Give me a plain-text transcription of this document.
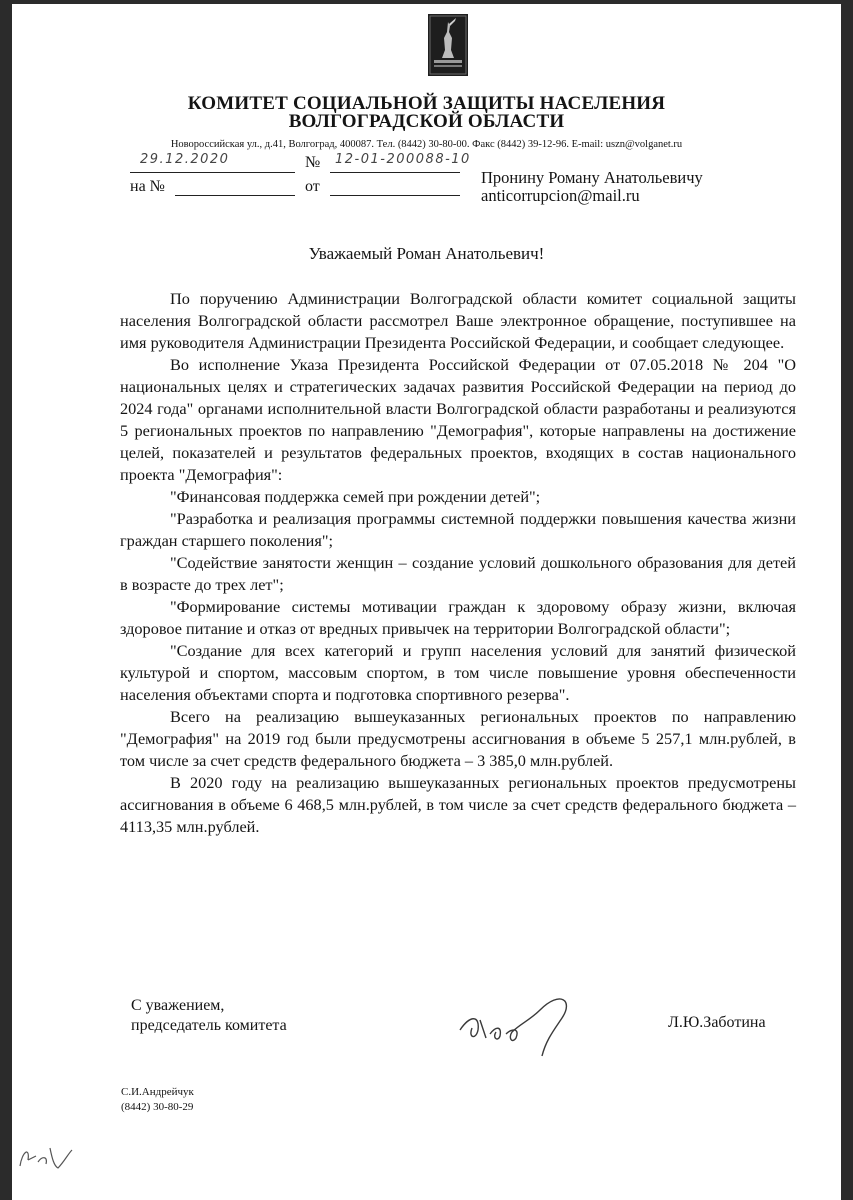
КОМИТЕТ СОЦИАЛЬНОЙ ЗАЩИТЫ НАСЕЛЕНИЯ
ВОЛГОГРАДСКОЙ ОБЛАСТИ
Новороссийская ул., д.41, Волгоград, 400087. Тел. (8442) 30-80-00. Факс (8442) 39-12-96. E-mail: uszn@volganet.ru
29.12.2020	№ 12-01-200088-10
на №	от	Пронину Роману Анатольевичу
anticorrupcion@mail.ru
Уважаемый Роман Анатольевич!

По поручению Администрации Волгоградской области комитет социальной защиты населения Волгоградской области рассмотрел Ваше электронное обращение, поступившее на имя руководителя Администрации Президента Российской Федерации, и сообщает следующее.

Во исполнение Указа Президента Российской Федерации от 07.05.2018 № 204 "О национальных целях и стратегических задачах развития Российской Федерации на период до 2024 года" органами исполнительной власти Волгоградской области разработаны и реализуются 5 региональных проектов по направлению "Демография", которые направлены на достижение целей, показателей и результатов федеральных проектов, входящих в состав национального проекта "Демография":

"Финансовая поддержка семей при рождении детей";

"Разработка и реализация программы системной поддержки повышения качества жизни граждан старшего поколения";

"Содействие занятости женщин – создание условий дошкольного образования для детей в возрасте до трех лет";

"Формирование системы мотивации граждан к здоровому образу жизни, включая здоровое питание и отказ от вредных привычек на территории Волгоградской области";

"Создание для всех категорий и групп населения условий для занятий физической культурой и спортом, массовым спортом, в том числе повышение уровня обеспеченности населения объектами спорта и подготовка спортивного резерва".

Всего на реализацию вышеуказанных региональных проектов по направлению "Демография" на 2019 год были предусмотрены ассигнования в объеме 5 257,1 млн.рублей, в том числе за счет средств федерального бюджета – 3 385,0 млн.рублей.

В 2020 году на реализацию вышеуказанных региональных проектов предусмотрены ассигнования в объеме 6 468,5 млн.рублей, в том числе за счет средств федерального бюджета – 4113,35 млн.рублей.

С уважением,
председатель комитета	Л.Ю.Заботина
С.И.Андрейчук
(8442) 30-80-29
